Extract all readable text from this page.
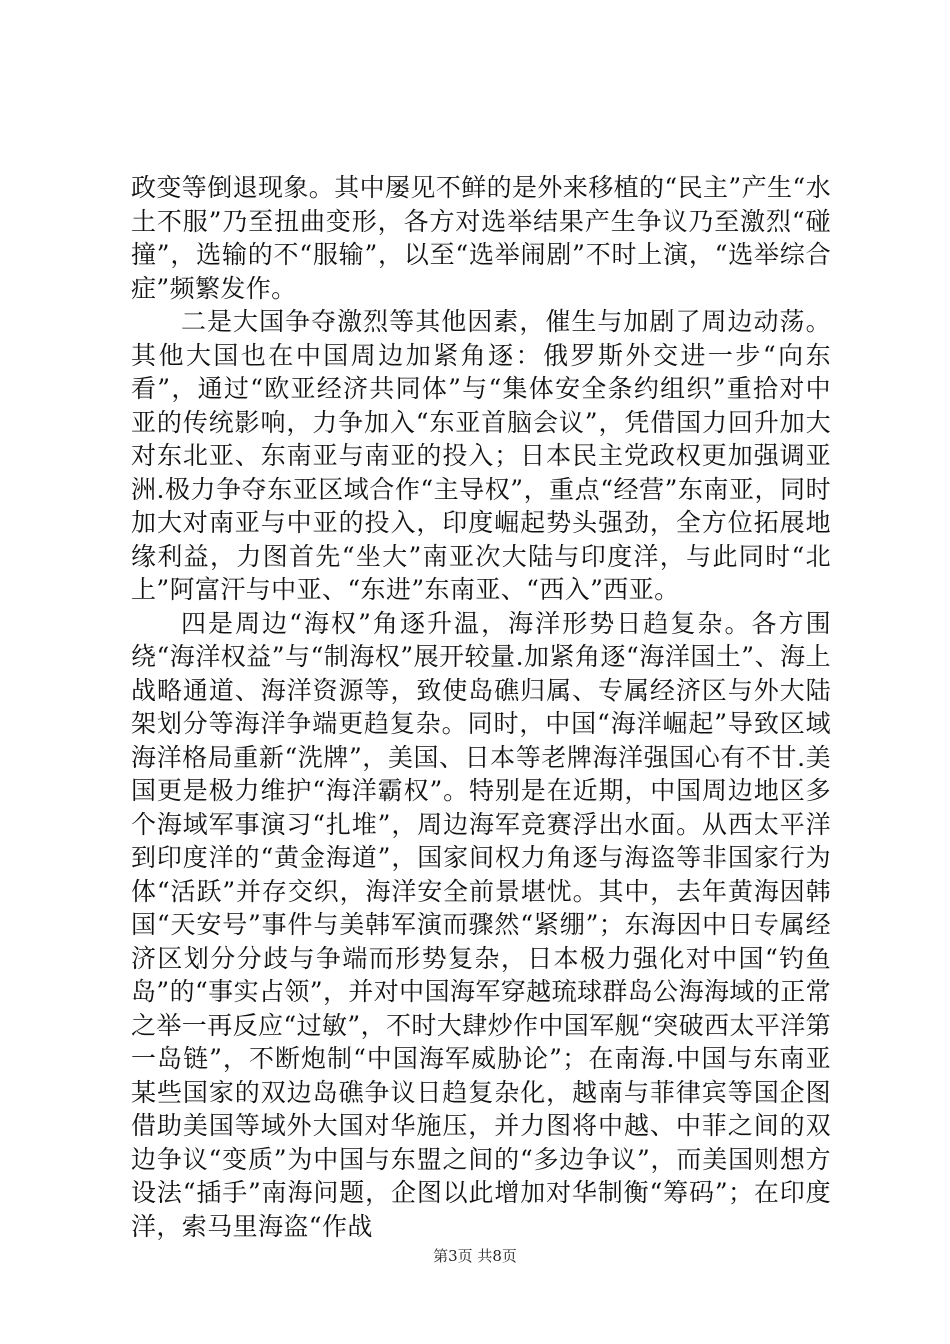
政变等倒退现象。其中屡见不鲜的是外来移植的“民主”产生“水土不服”乃至扭曲变形，各方对选举结果产生争议乃至激烈“碰撞”，选输的不“服输”，以至“选举闹剧”不时上演，“选举综合症”频繁发作。

二是大国争夺激烈等其他因素，催生与加剧了周边动荡。其他大国也在中国周边加紧角逐：俄罗斯外交进一步“向东看”，通过“欧亚经济共同体”与“集体安全条约组织”重拾对中亚的传统影响，力争加入“东亚首脑会议”，凭借国力回升加大对东北亚、东南亚与南亚的投入；日本民主党政权更加强调亚洲.极力争夺东亚区域合作“主导权”，重点“经营”东南亚，同时加大对南亚与中亚的投入，印度崛起势头强劲，全方位拓展地缘利益，力图首先“坐大”南亚次大陆与印度洋，与此同时“北上”阿富汗与中亚、“东进”东南亚、“西入”西亚。

四是周边“海权”角逐升温，海洋形势日趋复杂。各方围绕“海洋权益”与“制海权”展开较量.加紧角逐“海洋国土”、海上战略通道、海洋资源等，致使岛礁归属、专属经济区与外大陆架划分等海洋争端更趋复杂。同时，中国“海洋崛起”导致区域海洋格局重新“洗牌”，美国、日本等老牌海洋强国心有不甘.美国更是极力维护“海洋霸权”。特别是在近期，中国周边地区多个海域军事演习“扎堆”，周边海军竞赛浮出水面。从西太平洋到印度洋的“黄金海道”，国家间权力角逐与海盗等非国家行为体“活跃”并存交织，海洋安全前景堪忧。其中，去年黄海因韩国“天安号”事件与美韩军演而骤然“紧绷”；东海因中日专属经济区划分分歧与争端而形势复杂，日本极力强化对中国“钓鱼岛”的“事实占领”，并对中国海军穿越琉球群岛公海海域的正常之举一再反应“过敏”，不时大肆炒作中国军舰“突破西太平洋第一岛链”，不断炮制“中国海军威胁论”；在南海.中国与东南亚某些国家的双边岛礁争议日趋复杂化，越南与菲律宾等国企图借助美国等域外大国对华施压，并力图将中越、中菲之间的双边争议“变质”为中国与东盟之间的“多边争议”，而美国则想方设法“插手”南海问题，企图以此增加对华制衡“筹码”；在印度洋，索马里海盗“作战

第3页 共8页
